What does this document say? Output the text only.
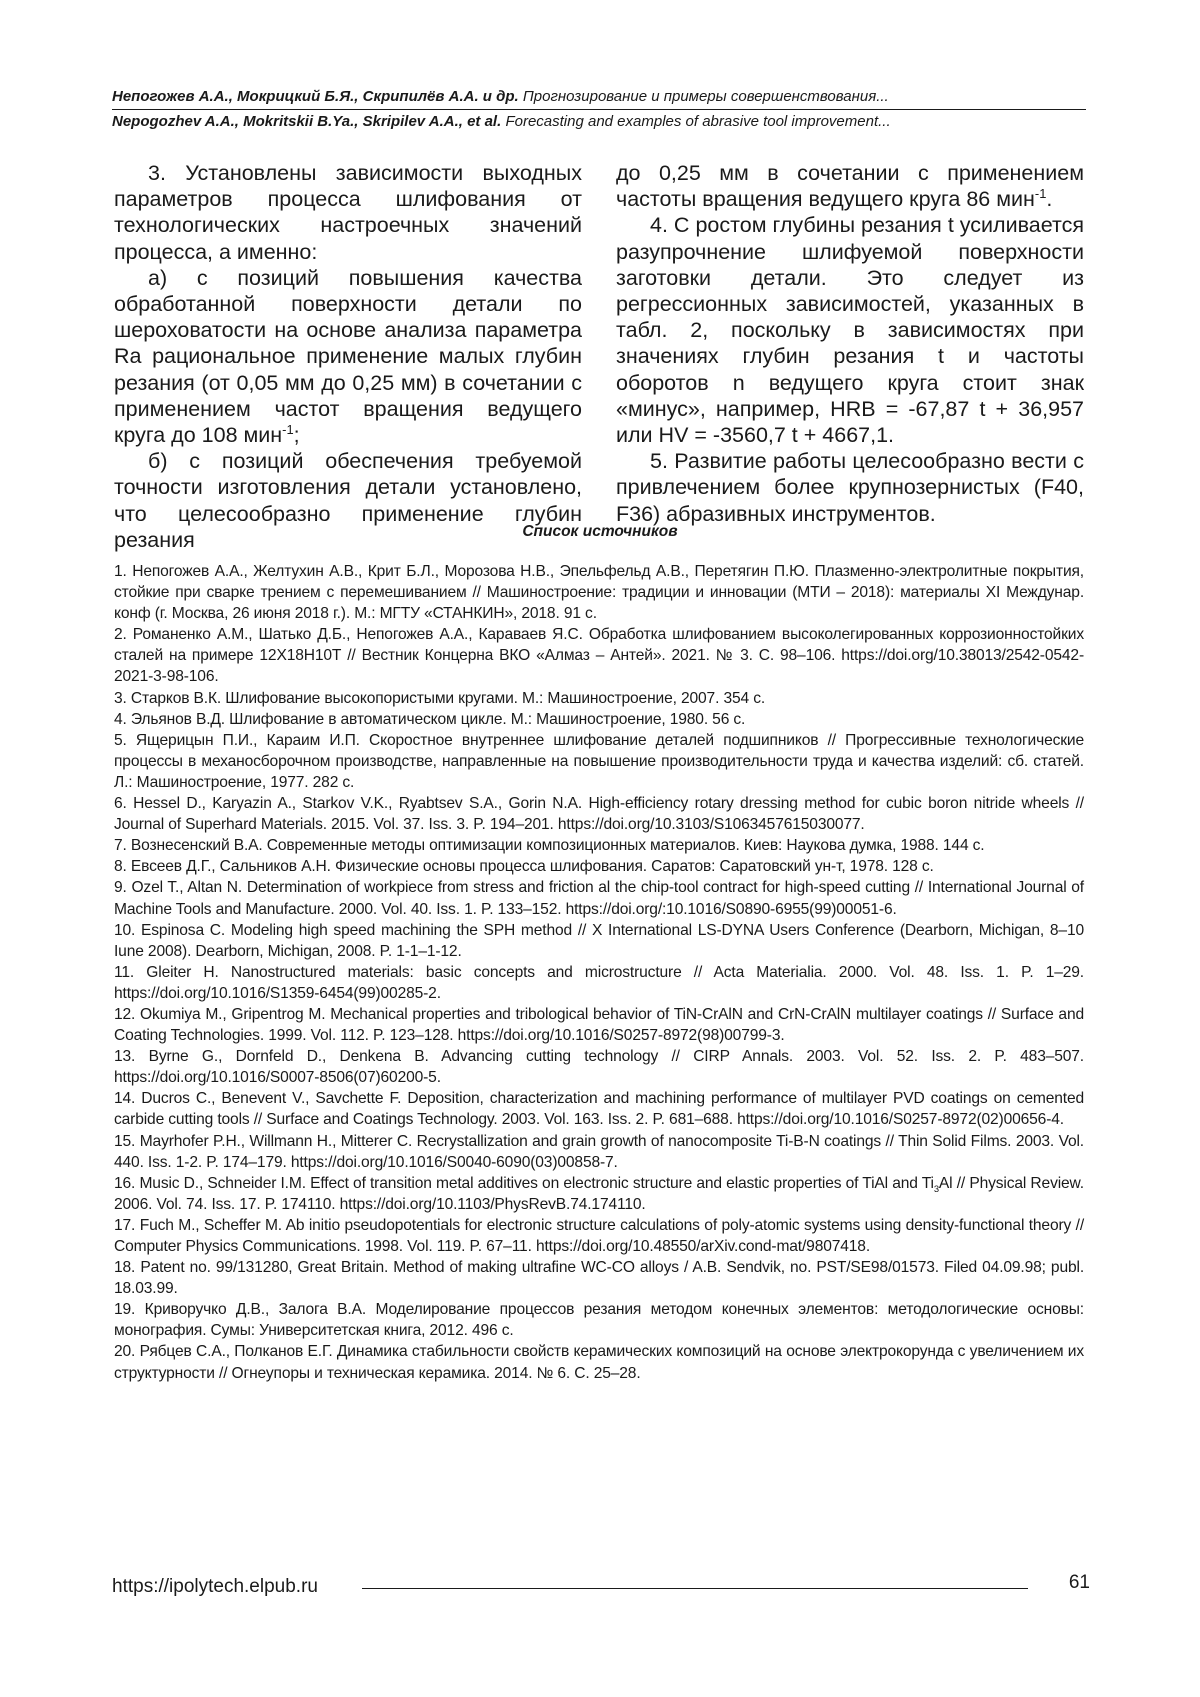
Непогожев А.А., Мокрицкий Б.Я., Скрипилёв А.А. и др. Прогнозирование и примеры совершенствования...
Nepogozhev A.A., Mokritskii B.Ya., Skripilev A.A., et al. Forecasting and examples of abrasive tool improvement...

3. Установлены зависимости выходных параметров процесса шлифования от технологических настроечных значений процесса, а именно:

а) с позиций повышения качества обработанной поверхности детали по шероховатости на основе анализа параметра Ra рациональное применение малых глубин резания (от 0,05 мм до 0,25 мм) в сочетании с применением частот вращения ведущего круга до 108 мин$^{-1}$;

б) с позиций обеспечения требуемой точности изготовления детали установлено, что целесообразно применение глубин резания

до 0,25 мм в сочетании с применением частоты вращения ведущего круга 86 мин$^{-1}$.

4. С ростом глубины резания t усиливается разупрочнение шлифуемой поверхности заготовки детали. Это следует из регрессионных зависимостей, указанных в табл. 2, поскольку в зависимостях при значениях глубин резания t и частоты оборотов n ведущего круга стоит знак «минус», например, HRB = -67,87 t + 36,957 или HV = -3560,7 t + 4667,1.

5. Развитие работы целесообразно вести с привлечением более крупнозернистых (F40, F36) абразивных инструментов.

Список источников

1. Непогожев А.А., Желтухин А.В., Крит Б.Л., Морозова Н.В., Эпельфельд А.В., Перетягин П.Ю. Плазменно-электролитные покрытия, стойкие при сварке трением с перемешиванием // Машиностроение: традиции и инновации (МТИ – 2018): материалы XI Междунар. конф (г. Москва, 26 июня 2018 г.). М.: МГТУ «СТАНКИН», 2018. 91 с.

2. Романенко А.М., Шатько Д.Б., Непогожев А.А., Караваев Я.С. Обработка шлифованием высоколегированных коррозионностойких сталей на примере 12Х18Н10Т // Вестник Концерна ВКО «Алмаз – Антей». 2021. № 3. С. 98–106. https://doi.org/10.38013/2542-0542-2021-3-98-106.

3. Старков В.К. Шлифование высокопористыми кругами. М.: Машиностроение, 2007. 354 с.

4. Эльянов В.Д. Шлифование в автоматическом цикле. М.: Машиностроение, 1980. 56 с.

5. Ящерицын П.И., Караим И.П. Скоростное внутреннее шлифование деталей подшипников // Прогрессивные технологические процессы в механосборочном производстве, направленные на повышение производительности труда и качества изделий: сб. статей. Л.: Машиностроение, 1977. 282 с.

6. Hessel D., Karyazin A., Starkov V.K., Ryabtsev S.A., Gorin N.A. High-efficiency rotary dressing method for cubic boron nitride wheels // Journal of Superhard Materials. 2015. Vol. 37. Iss. 3. P. 194–201. https://doi.org/10.3103/S1063457615030077.

7. Вознесенский В.А. Современные методы оптимизации композиционных материалов. Киев: Наукова думка, 1988. 144 с.

8. Евсеев Д.Г., Сальников А.Н. Физические основы процесса шлифования. Саратов: Саратовский ун-т, 1978. 128 с.

9. Ozel T., Altan N. Determination of workpiece from stress and friction al the chip-tool contract for high-speed cutting // International Journal of Machine Tools and Manufacture. 2000. Vol. 40. Iss. 1. P. 133–152. https://doi.org/:10.1016/S0890-6955(99)00051-6.

10. Espinosa C. Modeling high speed machining the SPH method // X International LS-DYNA Users Conference (Dearborn, Michigan, 8–10 Iune 2008). Dearborn, Michigan, 2008. P. 1-1–1-12.

11. Gleiter H. Nanostructured materials: basic concepts and microstructure // Acta Materialia. 2000. Vol. 48. Iss. 1. P. 1–29. https://doi.org/10.1016/S1359-6454(99)00285-2.

12. Okumiya M., Gripentrog M. Mechanical properties and tribological behavior of TiN-CrAlN and CrN-CrAlN multilayer coatings // Surface and Coating Technologies. 1999. Vol. 112. P. 123–128. https://doi.org/10.1016/S0257-8972(98)00799-3.

13. Byrne G., Dornfeld D., Denkena B. Advancing cutting technology // CIRP Annals. 2003. Vol. 52. Iss. 2. P. 483–507. https://doi.org/10.1016/S0007-8506(07)60200-5.

14. Ducros C., Benevent V., Savchette F. Deposition, characterization and machining performance of multilayer PVD coatings on cemented carbide cutting tools // Surface and Coatings Technology. 2003. Vol. 163. Iss. 2. P. 681–688. https://doi.org/10.1016/S0257-8972(02)00656-4.

15. Mayrhofer P.H., Willmann H., Mitterer C. Recrystallization and grain growth of nanocomposite Ti-B-N coatings // Thin Solid Films. 2003. Vol. 440. Iss. 1-2. P. 174–179. https://doi.org/10.1016/S0040-6090(03)00858-7.

16. Music D., Schneider I.M. Effect of transition metal additives on electronic structure and elastic properties of TiAl and $Ti_3Al$ // Physical Review. 2006. Vol. 74. Iss. 17. P. 174110. https://doi.org/10.1103/PhysRevB.74.174110.

17. Fuch M., Scheffer M. Ab initio pseudopotentials for electronic structure calculations of poly-atomic systems using density-functional theory // Computer Physics Communications. 1998. Vol. 119. P. 67–11. https://doi.org/10.48550/arXiv.cond-mat/9807418.

18. Patent no. 99/131280, Great Britain. Method of making ultrafine WC-CO alloys / A.B. Sendvik, no. PST/SE98/01573. Filed 04.09.98; publ. 18.03.99.

19. Криворучко Д.В., Залога В.А. Моделирование процессов резания методом конечных элементов: методологические основы: монография. Сумы: Университетская книга, 2012. 496 с.

20. Рябцев С.А., Полканов Е.Г. Динамика стабильности свойств керамических композиций на основе электрокорунда с увеличением их структурности // Огнеупоры и техническая керамика. 2014. № 6. С. 25–28.

https://ipolytech.elpub.ru	61
